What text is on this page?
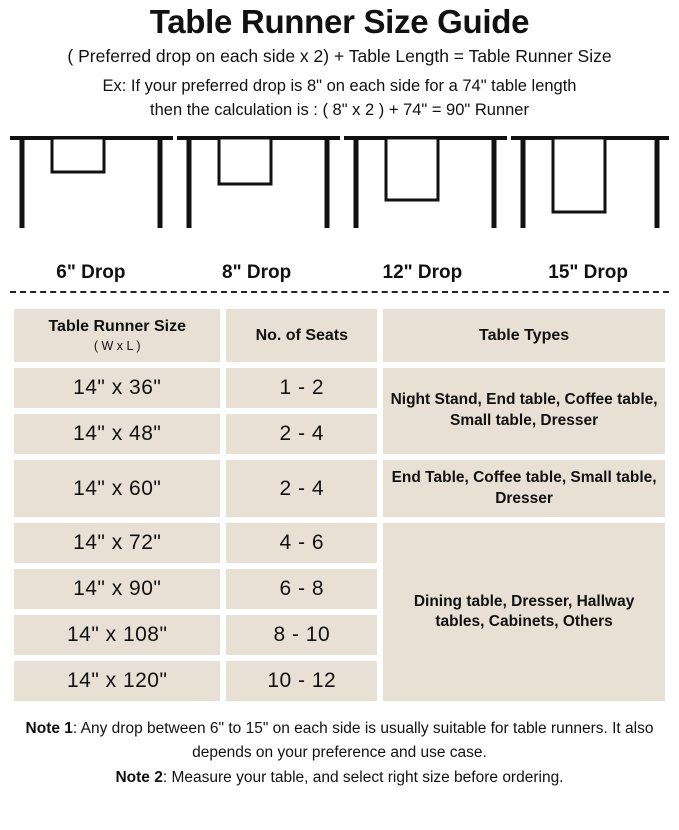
Table Runner Size Guide
( Preferred drop on each side x 2) + Table Length = Table Runner Size
Ex: If your preferred drop is 8" on each side for a 74" table length
then the calculation is : ( 8" x 2 ) + 74" = 90" Runner
6" Drop	8" Drop	12" Drop	15" Drop
Table Runner Size
( W x L )	No. of Seats	Table Types
14" x 36"	1 - 2	Night Stand, End table, Coffee table, Small table, Dresser
14" x 48"	2 - 4	
14" x 60"	2 - 4	End Table, Coffee table, Small table, Dresser
14" x 72"	4 - 6	Dining table, Dresser, Hallway tables, Cabinets, Others
14" x 90"	6 - 8	
14" x 108"	8 - 10	
14" x 120"	10 - 12	
Note 1: Any drop between 6" to 15" on each side is usually suitable for table runners. It also depends on your preference and use case.
Note 2: Measure your table, and select right size before ordering.
